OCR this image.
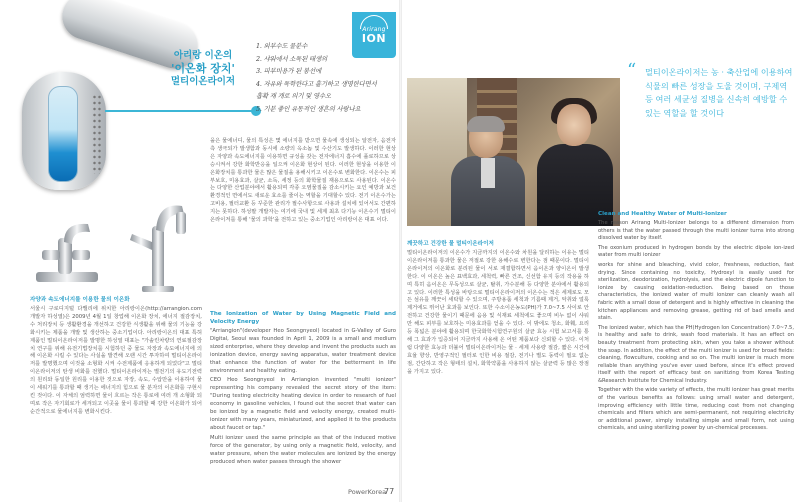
아리랑 이온의
'이온화 장치'
멀티이온라이저
1. 외부수도 물분수
2. 샤워에서 소독된 태생의
3. 피부미용가 된 봉선에
4. 자유와 독학한다고 흩기하고 생명한다면서
흡확 재 개로 의기 및 영수오
5. 기분 좋인 유동적인 생흔의 사랑나요

을은 물에너디, 물의 특성은 몇 에너지를 받으면 물속에 생성되는 알전자, 음전자 측 생극되가 발생함과 동시에 소량의 옥소놈 및 수산기도 발생하다. 이러한 현상은 자양과 속도에너지를 이용하면 규성을 갖는 전자에너지 흡수에 플로하므로 상승시켜서 강한 화학반응을 일으켜 이온화 현상이 된다. 이러한 현상을 이용한 이온화장치를 통과한 물은 많은 물질을 용해시키고 이온수로 변화한다. 이온수는 피부보호, 미용효과, 살균, 소독, 세정 등의 화학물질 재용으로도 사용된다. 이온수는 다양한 산업분야에서 활용되며 각종 오염물질을 감소시키는 요인 예방과 보건환경적인 면에서도 새로운 효소를 줄이는 역할을 기대할수 있다. 전기 이온수가는 고비용, 필터교환 등 꾸준한 관리가 필수사항으로 사용과 설치에 있어서도 간편하지는 못하다. 하성팔 개발자는 여기에 국내 및 세계 최초 다기능 이온수기 멀티이온라이저를 통해 '물의 과학'을 전하고 있는 중소기업인 아리랑이온 대표 이다.

자양과 속도에너지를 이용한 물의 이온화

서울시 구로디지털 다밸리에 위치한 아리랑이온(http://arrangion.com 개발자 하성열)은 2009년 4월 1일 창업해 이온화 장치, 에너지 절감장치, 수 처리장치 등 생활환경을 개선하고 건강한 식생활을 위해 물의 기능을 강화시키는 제품을 개발 및 생산하는 중소기업이다. 아리랑이온의 대표 특허제품인 멀티이온라이저를 발명한 하성열 대표는 "가솔린차량의 연료절감장치 연구를 위해 유전기법장치를 시험하던 중 물도 자장과 속도에너지에 의해 이온화 시킬 수 있다는 사실을 발견해 오랜 시간 투자하여 멀티이온라이저를 발명했으며 이것을 소형화 시켜 수전제품에 응용하게 되었다"고 멀티이온라이저의 탄생 비화를 전했다. 멀티이온라이저는 별전기의 유도기전력의 원리와 동일한 원리를 이용한 것으로 자장, 속도, 수압만을 이용하여 물이 세워기를 통과할 때 생기는 에너지의 힘으로 물 분자의 이온화를 구현시킨 것이다. 이 자체의 엄력하면 물이 흐르는 작은 통로에 여러 개 소형화 되며로 작은 자기회로가 세겨되고 이곳을 물이 통과할 때 강한 이온화가 되어 순간적으로 물에너지를 변화시킨다.

The Ionization of Water by Using Magnetic Field and Velocity Energy

"Arriangion"(developer Heo Seongnyeol) located in G-Valley of Guro Digital, Seoul was founded in April 1, 2009 is a small and medium sized enterprise, where they develop and invent the products such as ionization device, energy saving apparatus, water treatment device that enhance the function of water for the betterment in life environment and healthy eating.

CEO Heo Seongnyeol in Arriangion invented "multi ionizer" representing his company revealed the secret story of the item: "During testing electricity heating device in order to research of fuel economy in gasoline vehicles, I found out the secret that water can be ionized by a magnetic field and velocity energy, created multi-ionizer with many years, miniaturized, and applied it to the products about faucet or tap."

Multi ionizer used the same principle as that of the induced motive force of the generator, by using only a magnetic field, velocity, and water pressure, when the water molecules are ionized by the energy produced when water passes through the shower

PowerKorea
77
Arirang
ION
“	멀티이온라이저는 농 · 축산업에 이용하여 식물의 빠른 성장을 도울 것이며, 구제역 등 여러 세균성 질병을 신속히 예방할 수 있는 역할을 할 것이다
Clean and Healthy Water of Multi-Ionizer

The reason Arirang Multi-Ionizer belongs to a different dimension from others is that the water passed through the multi ionizer turns into strong dissolved water by itself.

The oxonium produced in hydrogen bonds by the electric dipole ion-ized water from multi ionizer

works for shine and bleaching, vivid color, freshness, reduction, fast drying. Since containing no toxicity, Hydroxyl is easily used for sterilization, deodorization, hydrolysis, and the electric dipole function to ionize by causing oxidation-reduction. Being based on those characteristics, the ionized water of multi ionizer can cleanly wash all fabric with a small dose of detergent and is highly effective in cleaning the kitchen appliances and removing grease, getting rid of bad smells and stain.

The ionized water, which has the PH(Hydrogen Ion Concentration) 7.0~7.5, is healthy and safe to drink, wash food materials. It has an effect on beauty treatment from protecting skin, when you take a shower without the soap. In addition, the effect of the multi ionizer is used for broad fields: cleaning, flowculture, cooking and so on. The multi ionizer is much more reliable than anything you've ever used before, since it's effect proved itself with the report of efficacy test on sanitizing from Korea Testing &Research Institute for Chemical Industry.

Together with the wide variety of effects, the multi ionizer has great merits of the various benefits as follows: using small water and detergent, improving efficiency with little time, reducing cost from not changing chemicals and filters which are semi-permanent, not requiring electricity or additional power, simply installing simple and small form, not using chemicals, and using sterilizing power by un-chemical processes.

깨끗하고 건강한 물 멀티이온라이저

멀티이온라이저의 이온수가 지금까지의 이온수와 차원을 달리하는 이유는 멀티이온라이저를 통과한 물은 저절로 강한 용해수로 변한다는 점 때문이다. 멀티이온라이저의 이온화로 분리된 물이 서로 재결합하면서 음이온과 양이온이 발생한다. 이 이온은 높은 표백효과, 세척력, 빠른 건조, 신선함 유지 등의 작용을 하며 특히 음이온은 무독성으로 살균, 탈취, 가수분해 등 다양한 분야에서 활용되고 있다. 이러한 특성을 바탕으로 멀티이온라이저의 이온수는 적은 세제로도 모든 섬유를 깨끗이 세탁할 수 있으며, 주방용품 세척과 기름때 제거, 악취와 얼룩 제거에도 뛰어난 효과를 보인다. 또한 수소이온농도(PH)가 7.0~7.5 사이로 안전하고 건강한 물이기 때문에 음용 및 식재료 세척에도 좋으며 비누 없이 샤워만 해도 피부를 보호하는 미용효과를 얻을 수 있다. 이 밖에도 청소, 화훼, 요리 등 폭넓은 분야에 활용되며 한국화학시험연구원의 살균 효능 시험 보고서를 통해 그 효과가 입증되어 지금까지 사용해 온 어떤 제품보다 신뢰할 수 있다. 이처럼 다양한 효능과 더불어 멀티이온라이저는 물 · 세제 사용량 절감, 짧은 시간에 효율 향상, 반영구적인 필터로 인한 비용 절감, 전기나 별도 동력이 필요 없는 점, 간단하고 작은 형태의 설치, 화학약품을 사용하지 않는 살균력 등 많은 장점을 가지고 있다.
